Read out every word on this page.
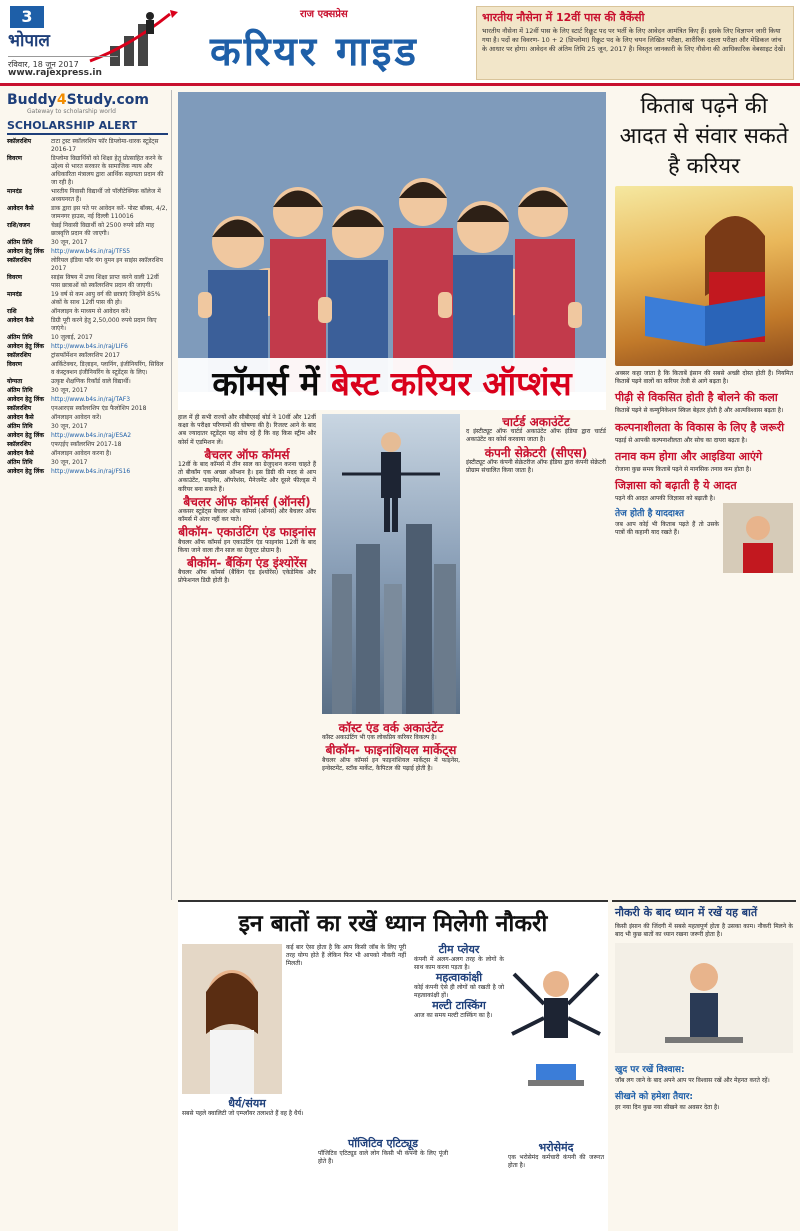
3
भोपाल
रविवार, 18 जून 2017
www.rajexpress.in
राज एक्सप्रेस
करियर गाइड
भारतीय नौसेना में 12वीं पास की वैकेंसी

भारतीय नौसेना में 12वीं पास के लिए स्टार्ट रिक्रूट पद पर भर्ती के लिए आवेदन आमंत्रित किए हैं। इसके लिए विज्ञापन जारी किया गया है। पदों का विवरण- 10 + 2 (डिप्लोमा) रिक्रूट पद के लिए चयन लिखित परीक्षा, शारीरिक दक्षता परीक्षा और मेडिकल जांच के आधार पर होगा। आवेदन की अंतिम तिथि 25 जून, 2017 है। विस्तृत जानकारी के लिए नौसेना की आधिकारिक वेबसाइट देखें।

Buddy4Study.com
Gateway to scholarship world
SCHOLARSHIP ALERT
स्कॉलरशिप	टाटा ट्रस्ट स्कॉलरशिप फॉर डिप्लोमा-धारक स्टूडेंट्स 2016-17
विवरण	डिप्लोमा विद्यार्थियों को शिक्षा हेतु प्रोत्साहित करने के उद्देश्य से भारत सरकार के सामाजिक न्याय और अधिकारिता मंत्रालय द्वारा आर्थिक सहायता प्रदान की जा रही है।
मानदंड	भारतीय निवासी विद्यार्थी जो पॉलीटेक्निक कॉलेज में अध्ययनरत हैं।
आवेदन कैसे	डाक द्वारा इस पते पर आवेदन करें- पोस्ट बॉक्स, 4/2, जामनगर हाउस, नई दिल्ली 110016
राशि/वजन	चेन्नई निवासी विद्यार्थी को 2500 रुपये प्रति माह छात्रवृत्ति प्रदान की जाएगी।
अंतिम तिथि	30 जून, 2017
आवेदन हेतु लिंक	http://www.b4s.in/raj/TFS5
स्कॉलरशिप	लोरियल इंडिया फॉर यंग वुमन इन साइंस स्कॉलरशिप 2017
विवरण	साइंस विषय में उच्च शिक्षा प्राप्त करने वाली 12वीं पास छात्राओं को स्कॉलरशिप प्रदान की जाएगी।
मानदंड	19 वर्ष से कम आयु वर्ग की छात्राएं जिन्होंने 85% अंकों के साथ 12वीं पास की हो।
राशि	ऑनलाइन के माध्यम से आवेदन करें।
आवेदन कैसे	डिग्री पूरी करने हेतु 2,50,000 रुपये प्रदान किए जाएंगे।
अंतिम तिथि	10 जुलाई, 2017
आवेदन हेतु लिंक	http://www.b4s.in/raj/LIF6
स्कॉलरशिप	ट्रांसफॉर्मेशन स्कॉलरशिप 2017
विवरण	आर्किटेक्चर, डिज़ाइन, प्लानिंग, इंजीनियरिंग, सिविल व कंस्ट्रक्शन इंजीनियरिंग के स्टूडेंट्स के लिए।
योग्यता	उत्कृष्ट शैक्षणिक रिकॉर्ड वाले विद्यार्थी।
अंतिम तिथि	30 जून, 2017
आवेदन हेतु लिंक	http://www.b4s.in/raj/TAF3
स्कॉलरशिप	एनआरएस स्कॉलरशिप एंड फैलोशिप 2018
आवेदन कैसे	ऑनलाइन आवेदन करें।
अंतिम तिथि	30 जून, 2017
आवेदन हेतु लिंक	http://www.b4s.in/raj/ESA2
स्कॉलरशिप	एफएईए स्कॉलरशिप 2017-18
आवेदन कैसे	ऑनलाइन आवेदन करना है।
अंतिम तिथि	30 जून, 2017
आवेदन हेतु लिंक	http://www.b4s.in/raj/FS16
कॉमर्स में बेस्ट करियर ऑप्शंस

हाल में ही सभी राज्यों और सीबीएसई बोर्ड ने 10वीं और 12वीं कक्षा के परीक्षा परिणामों की घोषणा की है। रिजल्ट आने के बाद अब ज्यादातर स्टूडेंट्स यह सोच रहे हैं कि वह किस स्ट्रीम और कोर्स में एडमिशन लें।

बैचलर ऑफ कॉमर्स

12वीं के बाद कॉमर्स में तीन साल का ग्रेजुएशन करना चाहते हैं तो बीकॉम एक अच्छा ऑप्शन है। इस डिग्री की मदद से आप अकाउंटेंट, फाइनेंस, ऑपरेशंस, मैनेजमेंट और दूसरे फील्ड्स में करियर बना सकते हैं।

बैचलर ऑफ कॉमर्स (ऑनर्स)

अकसर स्टूडेंट्स बैचलर ऑफ कॉमर्स (ऑनर्स) और बैचलर ऑफ कॉमर्स में अंतर नहीं कर पाते।

बीकॉम- एकाउंटिंग एंड फाइनांस

बैचलर ऑफ कॉमर्स इन एकाउंटिंग एंड फाइनांस 12वीं के बाद किया जाने वाला तीन साल का ग्रेजुएट प्रोग्राम है।

बीकॉम- बैंकिंग एंड इंश्योरेंस

बैचलर ऑफ कॉमर्स (बैंकिंग एंड इंश्योरेंस) एकेडेमिक और प्रोफेशनल डिग्री होती है।

कॉस्ट एंड वर्क अकाउंटेंट

कॉस्ट अकाउंटिंग भी एक लोकप्रिय करियर विकल्प है।

बीकॉम- फाइनांशियल मार्केट्स

बैचलर ऑफ कॉमर्स इन फाइनांशियल मार्केट्स में फाइनेंस, इन्वेस्टमेंट, स्टॉक मार्केट, कैपिटल की पढ़ाई होती है।

चार्टर्ड अकाउंटेंट

द इंस्टीट्यूट ऑफ चार्टर्ड अकाउंटेंट ऑफ इंडिया द्वारा चार्टर्ड अकाउंटेंट का कोर्स करवाया जाता है।

कंपनी सेक्रेटरी (सीएस)

इंस्टीट्यूट ऑफ कंपनी सेक्रेटरीज ऑफ इंडिया द्वारा कंपनी सेक्रेटरी प्रोग्राम संचालित किया जाता है।

किताब पढ़ने की आदत से संवार सकते है करियर

अक्सर कहा जाता है कि किताबें इंसान की सबसे अच्छी दोस्त होती हैं। नियमित किताबें पढ़ने वालों का करियर तेजी से आगे बढ़ता है।

पीढ़ी से विकसित होती है बोलने की कला

किताबें पढ़ने से कम्युनिकेशन स्किल बेहतर होती है और आत्मविश्वास बढ़ता है।

कल्पनाशीलता के विकास के लिए है जरूरी

पढ़ाई से आपकी कल्पनाशीलता और सोच का दायरा बढ़ता है।

तनाव कम होगा और आइडिया आएंगे

रोजाना कुछ समय किताबें पढ़ने से मानसिक तनाव कम होता है।

जिज्ञासा को बढ़ाती है ये आदत

पढ़ने की आदत आपकी जिज्ञासा को बढ़ाती है।

तेज होती है याददाश्त

जब आप कोई भी किताब पढ़ते हैं तो उसके पात्रों की कहानी याद रखते हैं।

इन बातों का रखें ध्यान मिलेगी नौकरी

कई बार ऐसा होता है कि आप किसी जॉब के लिए पूरी तरह योग्य होते हैं लेकिन फिर भी आपको नौकरी नहीं मिलती।

धैर्य/संयम

सबसे पहले क्वालिटी जो एम्प्लॉयर तलाशते हैं वह है धैर्य।

पॉजिटिव एटिट्यूड

पॉजिटिव एटिट्यूड वाले लोग किसी भी कंपनी के लिए पूंजी होते हैं।

टीम प्लेयर

कंपनी में अलग-अलग तरह के लोगों के साथ काम करना पड़ता है।

महत्वाकांक्षी

कोई कंपनी ऐसे ही लोगों को रखती है जो महत्वाकांक्षी हों।

मल्टी टास्किंग

आज का समय मल्टी टास्किंग का है।

भरोसेमंद

एक भरोसेमंद कर्मचारी कंपनी की जरूरत होता है।

नौकरी के बाद ध्यान में रखें यह बातें

किसी इंसान की जिंदगी में सबसे महत्वपूर्ण होता है उसका काम। नौकरी मिलने के बाद भी कुछ बातों का ध्यान रखना जरूरी होता है।

खुद पर रखें विश्वास:

जॉब लग जाने के बाद अपने आप पर विश्वास रखें और मेहनत करते रहें।

सीखने को हमेशा तैयार:

हर नया दिन कुछ नया सीखने का अवसर देता है।
